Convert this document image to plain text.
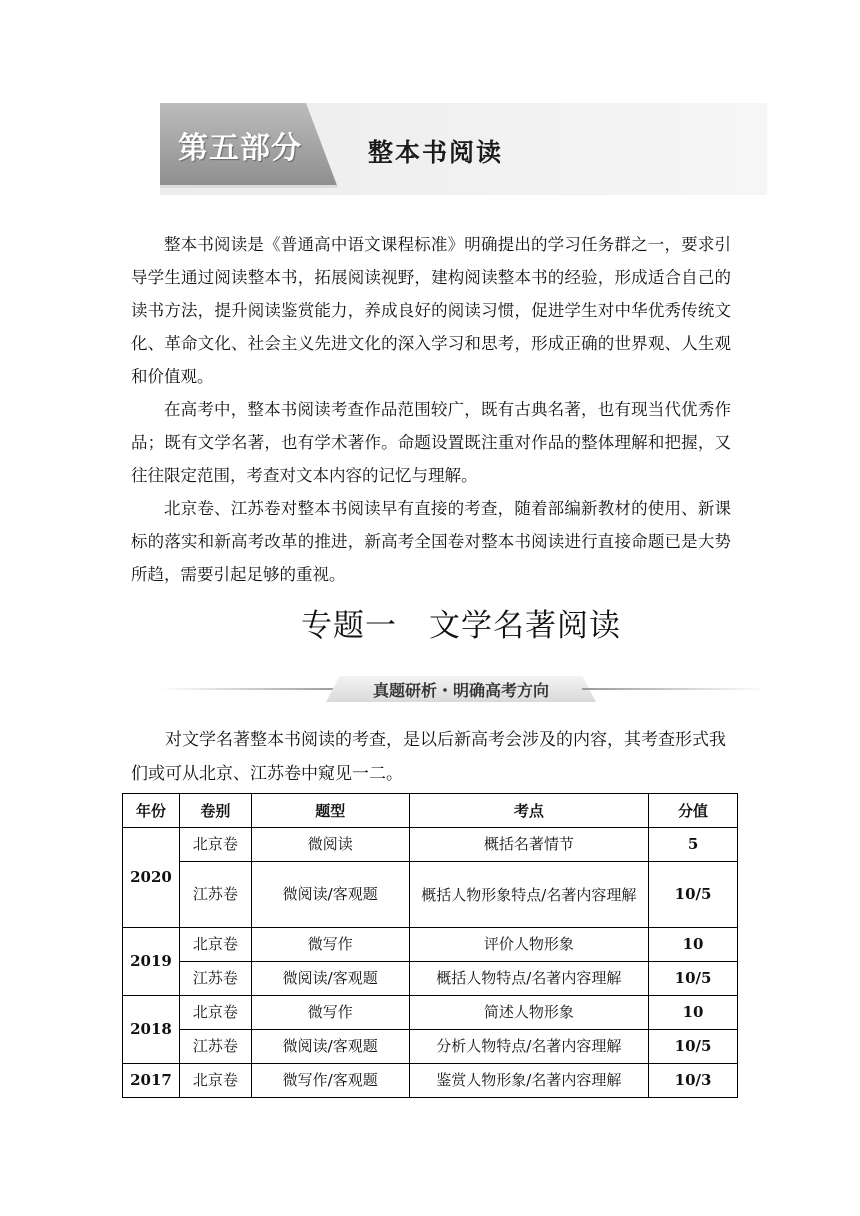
第五部分	整本书阅读

整本书阅读是《普通高中语文课程标准》明确提出的学习任务群之一，要求引导学生通过阅读整本书，拓展阅读视野，建构阅读整本书的经验，形成适合自己的读书方法，提升阅读鉴赏能力，养成良好的阅读习惯，促进学生对中华优秀传统文化、革命文化、社会主义先进文化的深入学习和思考，形成正确的世界观、人生观和价值观。

在高考中，整本书阅读考查作品范围较广，既有古典名著，也有现当代优秀作品；既有文学名著，也有学术著作。命题设置既注重对作品的整体理解和把握，又往往限定范围，考查对文本内容的记忆与理解。

北京卷、江苏卷对整本书阅读早有直接的考查，随着部编新教材的使用、新课标的落实和新高考改革的推进，新高考全国卷对整本书阅读进行直接命题已是大势所趋，需要引起足够的重视。

专题一　文学名著阅读
真题研析・明确高考方向

对文学名著整本书阅读的考查，是以后新高考会涉及的内容，其考查形式我们或可从北京、江苏卷中窥见一二。

年份	卷别	题型	考点	分值
2020	北京卷	微阅读	概括名著情节	5
	江苏卷	微阅读/客观题	概括人物形象特点/名著内容理解	10/5
2019	北京卷	微写作	评价人物形象	10
	江苏卷	微阅读/客观题	概括人物特点/名著内容理解	10/5
2018	北京卷	微写作	简述人物形象	10
	江苏卷	微阅读/客观题	分析人物特点/名著内容理解	10/5
2017	北京卷	微写作/客观题	鉴赏人物形象/名著内容理解	10/3
